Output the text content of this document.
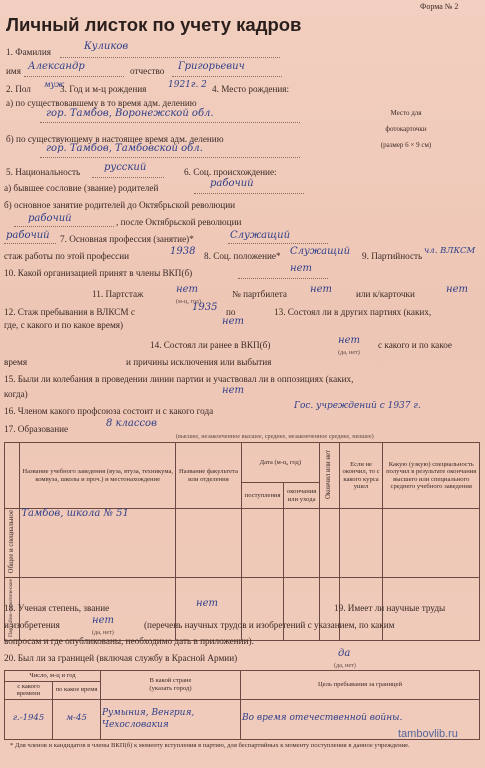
Форма № 2
Личный листок по учету кадров
Место для
фотокарточки
(размер 6 × 9 см)
1. Фамилия	Куликов
имя Александр	отчество Григорьевич
2. Пол муж
3. Год и м-ц рождения 1921г. 2 4. Место рождения:
а) по существовавшему в то время адм. делению
гор. Тамбов, Воронежской обл.
б) по существующему в настоящее время адм. делению
гор. Тамбов, Тамбовской обл.
5. Национальность русский	6. Соц. происхождение:
а) бывшее сословие (звание) родителей	рабочий
б) основное занятие родителей до Октябрьской революции
рабочий	, после Октябрьской революции
рабочий 7. Основная профессия (занятие)*	Служащий
стаж работы по этой профессии	1938 8. Соц. положение* Служащий 9. Партийность чл. ВЛКСМ
10. Какой организацией принят в члены ВКП(б)	нет
11. Партстаж	нет
(м-ц, год)
№ партбилета нет	или к/карточки	нет
12. Стаж пребывания в ВЛКСМ с	1935 по	13. Состоял ли в других партиях (каких,
где, с какого и по какое время)	нет
14. Состоял ли ранее в ВКП(б)	нет
(да, нет)
с какого и по какое
время	и причины исключения или выбытия
15. Были ли колебания в проведении линии партии и участвовал ли в оппозициях (каких,
когда)	нет
16. Членом какого профсоюза состоит и с какого года	Гос. учреждений с 1937 г.
17. Образование	8 классов
(высшее, незаконченное высшее, среднее, незаконченное среднее, низшее)
	Название учебного заведения (вуза, втуза, техникума, комвуза, школы и проч.) и местонахождение	Название факультета или отделения	Дата (м-ц, год)		Окончил или нет	Если не окончил, то с какого курса ушел	Какую (узкую) специальность получил в результате окончания высшего или специального среднего учебного заведения
			поступления	окончания или ухода			
Общее и специальное	Тамбов, школа № 51						
Партийно-политическое							
18. Ученая степень, звание	нет	19. Имеет ли научные труды
и изобретения	нет
(да, нет)
(перечень научных трудов и изобретений с указанием, по каким
вопросам и где опубликованы, необходимо дать в приложении).
20. Был ли за границей (включая службу в Красной Армии)	да
(да, нет)
Число, м-ц и год		В какой стране
(указать город)	Цель пребывания за границей
с какого времени	по какое время		
г.-1945	м-45	Румыния, Венгрия, Чехословакия	Во время отечественной войны.
* Для членов и кандидатов в члены ВКП(б) к моменту вступления в партию, для беспартийных к моменту поступления в данное учреждение.
tambovlib.ru
